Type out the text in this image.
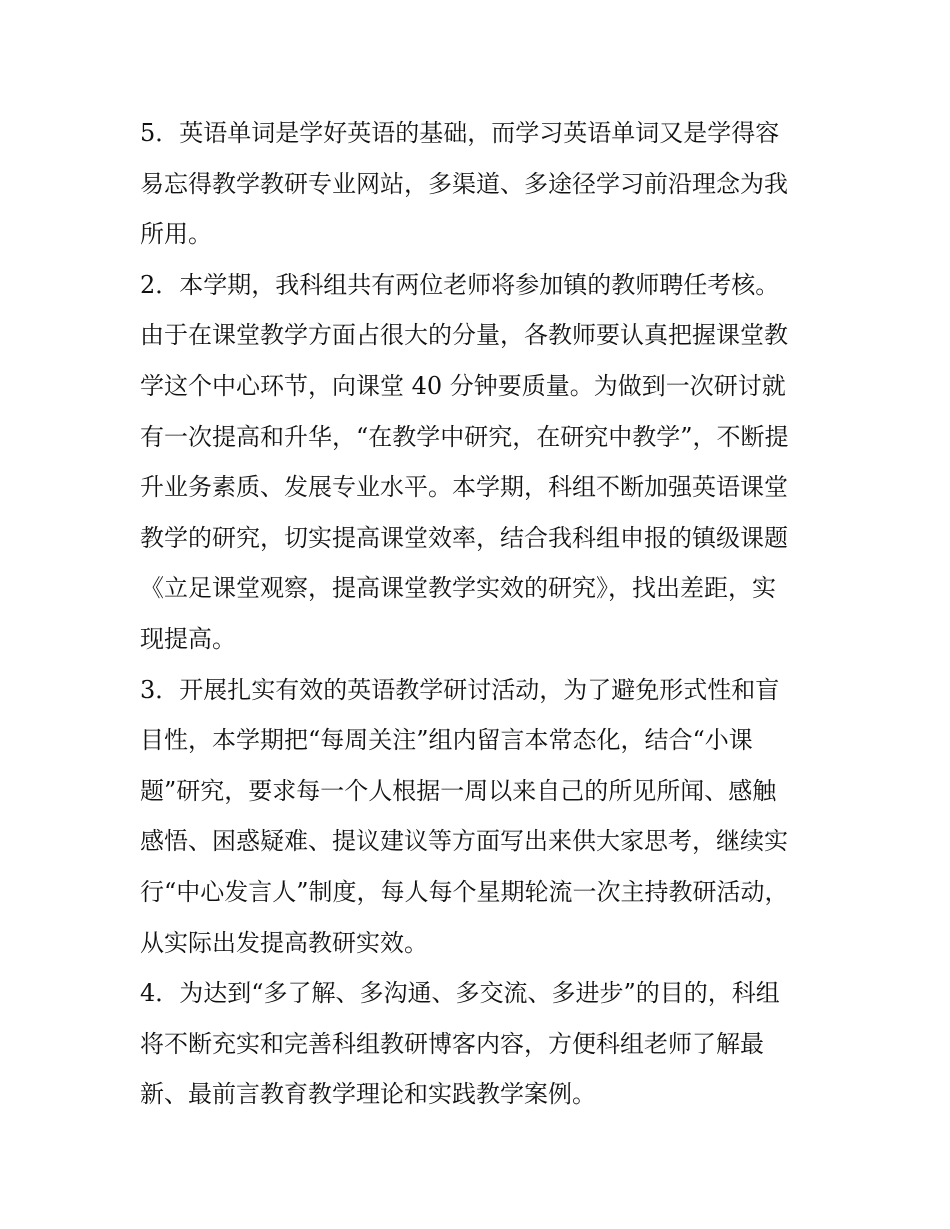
5．英语单词是学好英语的基础，而学习英语单词又是学得容
易忘得教学教研专业网站，多渠道、多途径学习前沿理念为我
所用。
2．本学期，我科组共有两位老师将参加镇的教师聘任考核。
由于在课堂教学方面占很大的分量，各教师要认真把握课堂教
学这个中心环节，向课堂 40 分钟要质量。为做到一次研讨就
有一次提高和升华，“在教学中研究，在研究中教学”，不断提
升业务素质、发展专业水平。本学期，科组不断加强英语课堂
教学的研究，切实提高课堂效率，结合我科组申报的镇级课题
《立足课堂观察，提高课堂教学实效的研究》，找出差距，实
现提高。
3．开展扎实有效的英语教学研讨活动，为了避免形式性和盲
目性，本学期把“每周关注”组内留言本常态化，结合“小课
题”研究，要求每一个人根据一周以来自己的所见所闻、感触
感悟、困惑疑难、提议建议等方面写出来供大家思考，继续实
行“中心发言人”制度，每人每个星期轮流一次主持教研活动，
从实际出发提高教研实效。
4．为达到“多了解、多沟通、多交流、多进步”的目的，科组
将不断充实和完善科组教研博客内容，方便科组老师了解最
新、最前言教育教学理论和实践教学案例。
